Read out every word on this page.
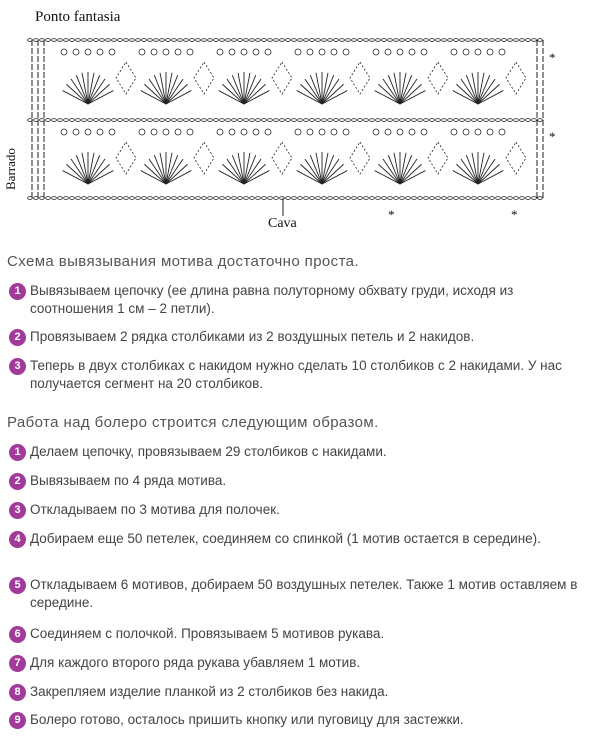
Ponto fantasia
Barrado
Cava
*
*
*	*
Схема вывязывания мотива достаточно проста.
1 Вывязываем цепочку (ее длина равна полуторному обхвату груди, исходя из соотношения 1 см – 2 петли).
2 Провязываем 2 рядка столбиками из 2 воздушных петель и 2 накидов.
3 Теперь в двух столбиках с накидом нужно сделать 10 столбиков с 2 накидами. У нас получается сегмент на 20 столбиков.
Работа над болеро строится следующим образом.
1 Делаем цепочку, провязываем 29 столбиков с накидами.
2 Вывязываем по 4 ряда мотива.
3 Откладываем по 3 мотива для полочек.
4 Добираем еще 50 петелек, соединяем со спинкой (1 мотив остается в середине).
5 Откладываем 6 мотивов, добираем 50 воздушных петелек. Также 1 мотив оставляем в середине.
6 Соединяем с полочкой. Провязываем 5 мотивов рукава.
7 Для каждого второго ряда рукава убавляем 1 мотив.
8 Закрепляем изделие планкой из 2 столбиков без накида.
9 Болеро готово, осталось пришить кнопку или пуговицу для застежки.
